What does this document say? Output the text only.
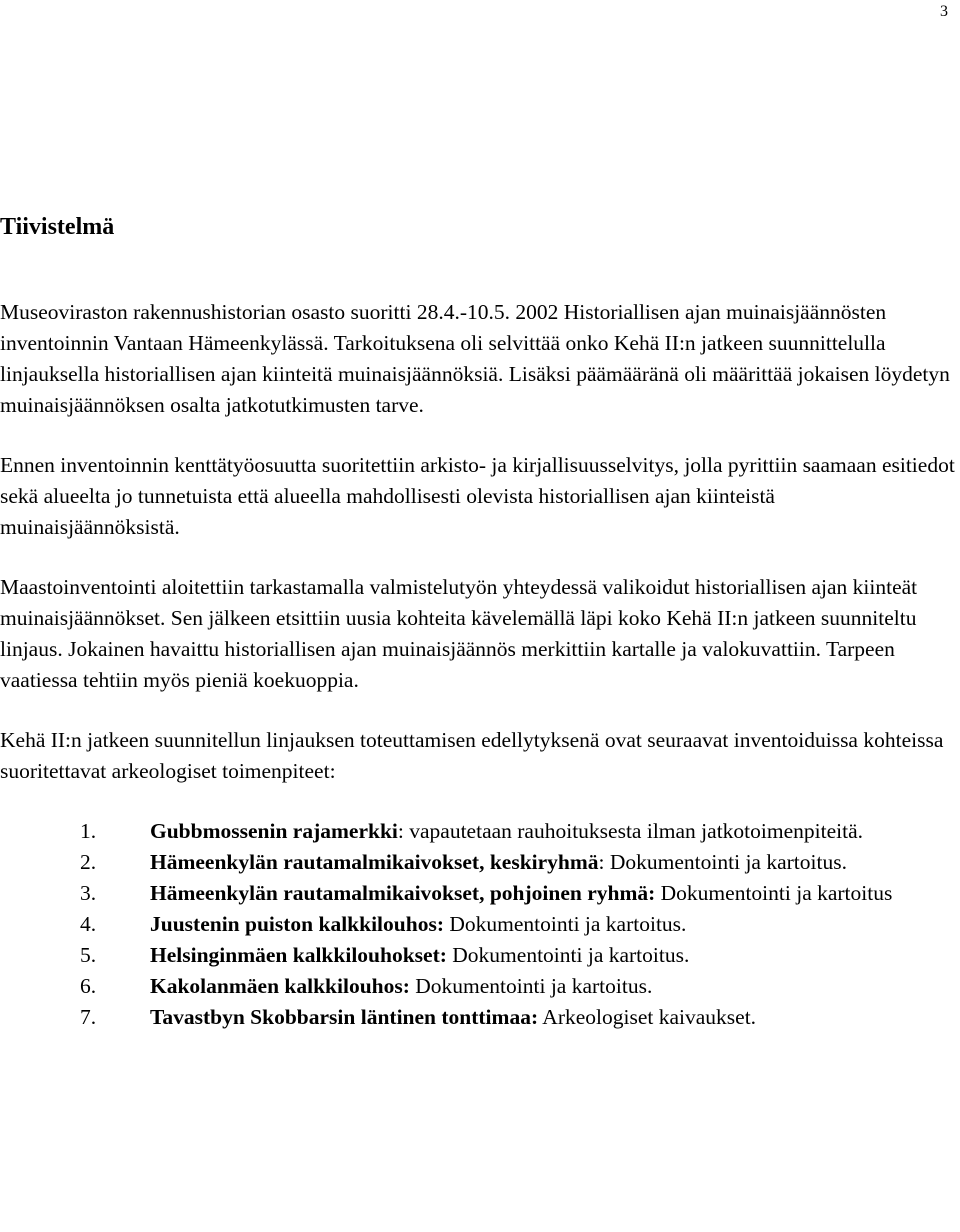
3
Tiivistelmä

Museoviraston rakennushistorian osasto suoritti 28.4.-10.5. 2002 Historiallisen ajan muinaisjäännösten inventoinnin Vantaan Hämeenkylässä. Tarkoituksena oli selvittää onko Kehä II:n jatkeen suunnittelulla linjauksella historiallisen ajan kiinteitä muinaisjäännöksiä. Lisäksi päämääränä oli määrittää jokaisen löydetyn muinaisjäännöksen osalta jatkotutkimusten tarve.

Ennen inventoinnin kenttätyöosuutta suoritettiin arkisto- ja kirjallisuusselvitys, jolla pyrittiin saamaan esitiedot sekä alueelta jo tunnetuista että alueella mahdollisesti olevista historiallisen ajan kiinteistä muinaisjäännöksistä.

Maastoinventointi aloitettiin tarkastamalla valmistelutyön yhteydessä valikoidut historiallisen ajan kiinteät muinaisjäännökset. Sen jälkeen etsittiin uusia kohteita kävelemällä läpi koko Kehä II:n jatkeen suunniteltu linjaus. Jokainen havaittu historiallisen ajan muinaisjäännös merkittiin kartalle ja valokuvattiin. Tarpeen vaatiessa tehtiin myös pieniä koekuoppia.

Kehä II:n jatkeen suunnitellun linjauksen toteuttamisen edellytyksenä ovat seuraavat inventoiduissa kohteissa suoritettavat arkeologiset toimenpiteet:

1.	Gubbmossenin rajamerkki: vapautetaan rauhoituksesta ilman jatkotoimenpiteitä.
2.	Hämeenkylän rautamalmikaivokset, keskiryhmä: Dokumentointi ja kartoitus.
3.	Hämeenkylän rautamalmikaivokset, pohjoinen ryhmä: Dokumentointi ja kartoitus
4.	Juustenin puiston kalkkilouhos: Dokumentointi ja kartoitus.
5.	Helsinginmäen kalkkilouhokset: Dokumentointi ja kartoitus.
6.	Kakolanmäen kalkkilouhos: Dokumentointi ja kartoitus.
7.	Tavastbyn Skobbarsin läntinen tonttimaa: Arkeologiset kaivaukset.
